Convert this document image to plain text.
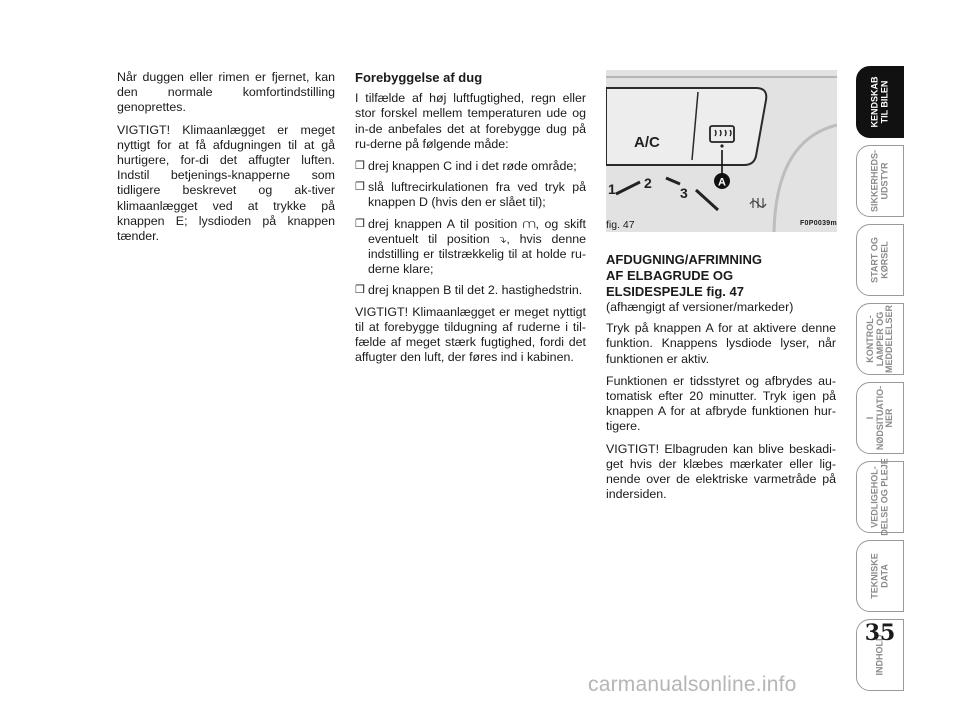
Når duggen eller rimen er fjernet, kan den normale komfortindstilling genoprettes.

VIGTIGT! Klimaanlægget er meget nyttigt for at få afdugningen til at gå hurtigere, for-di det affugter luften. Indstil betjenings-knapperne som tidligere beskrevet og ak-tiver klimaanlægget ved at trykke på knappen E; lysdioden på knappen tænder.

Forebyggelse af dug

I tilfælde af høj luftfugtighed, regn eller stor forskel mellem temperaturen ude og in-de anbefales det at forebygge dug på ru-derne på følgende måde:

❒ drej knappen C ind i det røde område;
❒ slå luftrecirkulationen fra ved tryk på knappen D (hvis den er slået til);
❒ drej knappen A til position ⩋, og skift eventuelt til position ⤵, hvis denne indstilling er tilstrækkelig til at holde ru-derne klare;
❒ drej knappen B til det 2. hastighedstrin.

VIGTIGT! Klimaanlægget er meget nyttigt til at forebygge tildugning af ruderne i til-fælde af meget stærk fugtighed, fordi det affugter den luft, der føres ind i kabinen.

A/C
1 2
3
A
fig. 47	F0P0039m

AFDUGNING/AFRIMNING
AF ELBAGRUDE OG
ELSIDESPEJLE fig. 47

(afhængigt af versioner/markeder)

Tryk på knappen A for at aktivere denne funktion. Knappens lysdiode lyser, når funktionen er aktiv.

Funktionen er tidsstyret og afbrydes au-tomatisk efter 20 minutter. Tryk igen på knappen A for at afbryde funktionen hur-tigere.

VIGTIGT! Elbagruden kan blive beskadi-get hvis der klæbes mærkater eller lig-nende over de elektriske varmetråde på indersiden.

KENDSKAB
TIL BILEN
SIKKERHEDS-
UDSTYR
START OG
KØRSEL
KONTROL-
LAMPER OG
MEDDELELSER
I
NØDSITUATIO-
NER
VEDLIGEHOL-
DELSE OG PLEJE
TEKNISKE
DATA
INDHOLD
35
carmanualsonline.info
